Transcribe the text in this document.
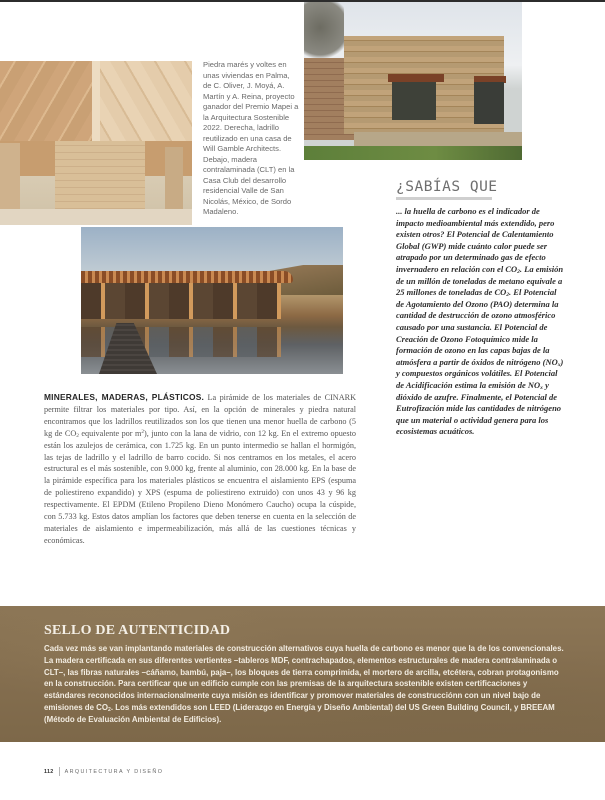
Piedra marés y voltes en unas viviendas en Palma, de C. Oliver, J. Moyá, A. Martín y A. Reina, proyecto ganador del Premio Mapei a la Arquitectura Sostenible 2022. Derecha, ladrillo reutilizado en una casa de Will Gamble Architects. Debajo, madera contralaminada (CLT) en la Casa Club del desarrollo residencial Valle de San Nicolás, México, de Sordo Madaleno.
¿SABÍAS QUE
... la huella de carbono es el indicador de impacto medioambiental más extendido, pero existen otros? El Potencial de Calentamiento Global (GWP) mide cuánto calor puede ser atrapado por un determinado gas de efecto invernadero en relación con el $CO_2$. La emisión de un millón de toneladas de metano equivale a 25 millones de toneladas de $CO_2$. El Potencial de Agotamiento del Ozono (PAO) determina la cantidad de destrucción de ozono atmosférico causado por una sustancia. El Potencial de Creación de Ozono Fotoquímico mide la formación de ozono en las capas bajas de la atmósfera a partir de óxidos de nitrógeno $(NO_x)$ y compuestos orgánicos volátiles. El Potencial de Acidificación estima la emisión de $NO_x$ y dióxido de azufre. Finalmente, el Potencial de Eutrofización mide las cantidades de nitrógeno que un material o actividad genera para los ecosistemas acuáticos.
MINERALES, MADERAS, PLÁSTICOS. La pirámide de los materiales de CINARK permite filtrar los materiales por tipo. Así, en la opción de minerales y piedra natural encontramos que los ladrillos reutilizados son los que tienen una menor huella de carbono (5 kg de $CO_2$ equivalente por $m^2$), junto con la lana de vidrio, con 12 kg. En el extremo opuesto están los azulejos de cerámica, con 1.725 kg. En un punto intermedio se hallan el hormigón, las tejas de ladrillo y el ladrillo de barro cocido. Si nos centramos en los metales, el acero estructural es el más sostenible, con 9.000 kg, frente al aluminio, con 28.000 kg. En la base de la pirámide específica para los materiales plásticos se encuentra el aislamiento EPS (espuma de poliestireno expandido) y XPS (espuma de poliestireno extruido) con unos 43 y 96 kg respectivamente. El EPDM (Etileno Propileno Dieno Monómero Caucho) ocupa la cúspide, con 5.733 kg. Estos datos amplían los factores que deben tenerse en cuenta en la selección de materiales de aislamiento e impermeabilización, más allá de las cuestiones técnicas y económicas.
SELLO DE AUTENTICIDAD
Cada vez más se van implantando materiales de construcción alternativos cuya huella de carbono es menor que la de los convencionales. La madera certificada en sus diferentes vertientes –tableros MDF, contrachapados, elementos estructurales de madera contralaminada o CLT–, las fibras naturales –cáñamo, bambú, paja–, los bloques de tierra comprimida, el mortero de arcilla, etcétera, cobran protagonismo en la construcción. Para certificar que un edificio cumple con las premisas de la arquitectura sostenible existen certificaciones y estándares reconocidos internacionalmente cuya misión es identificar y promover materiales de construcciónn con un nivel bajo de emisiones de $CO_2$. Los más extendidos son LEED (Liderazgo en Energía y Diseño Ambiental) del US Green Building Council, y BREEAM (Método de Evaluación Ambiental de Edificios).
112 ARQUITECTURA Y DISEÑO
